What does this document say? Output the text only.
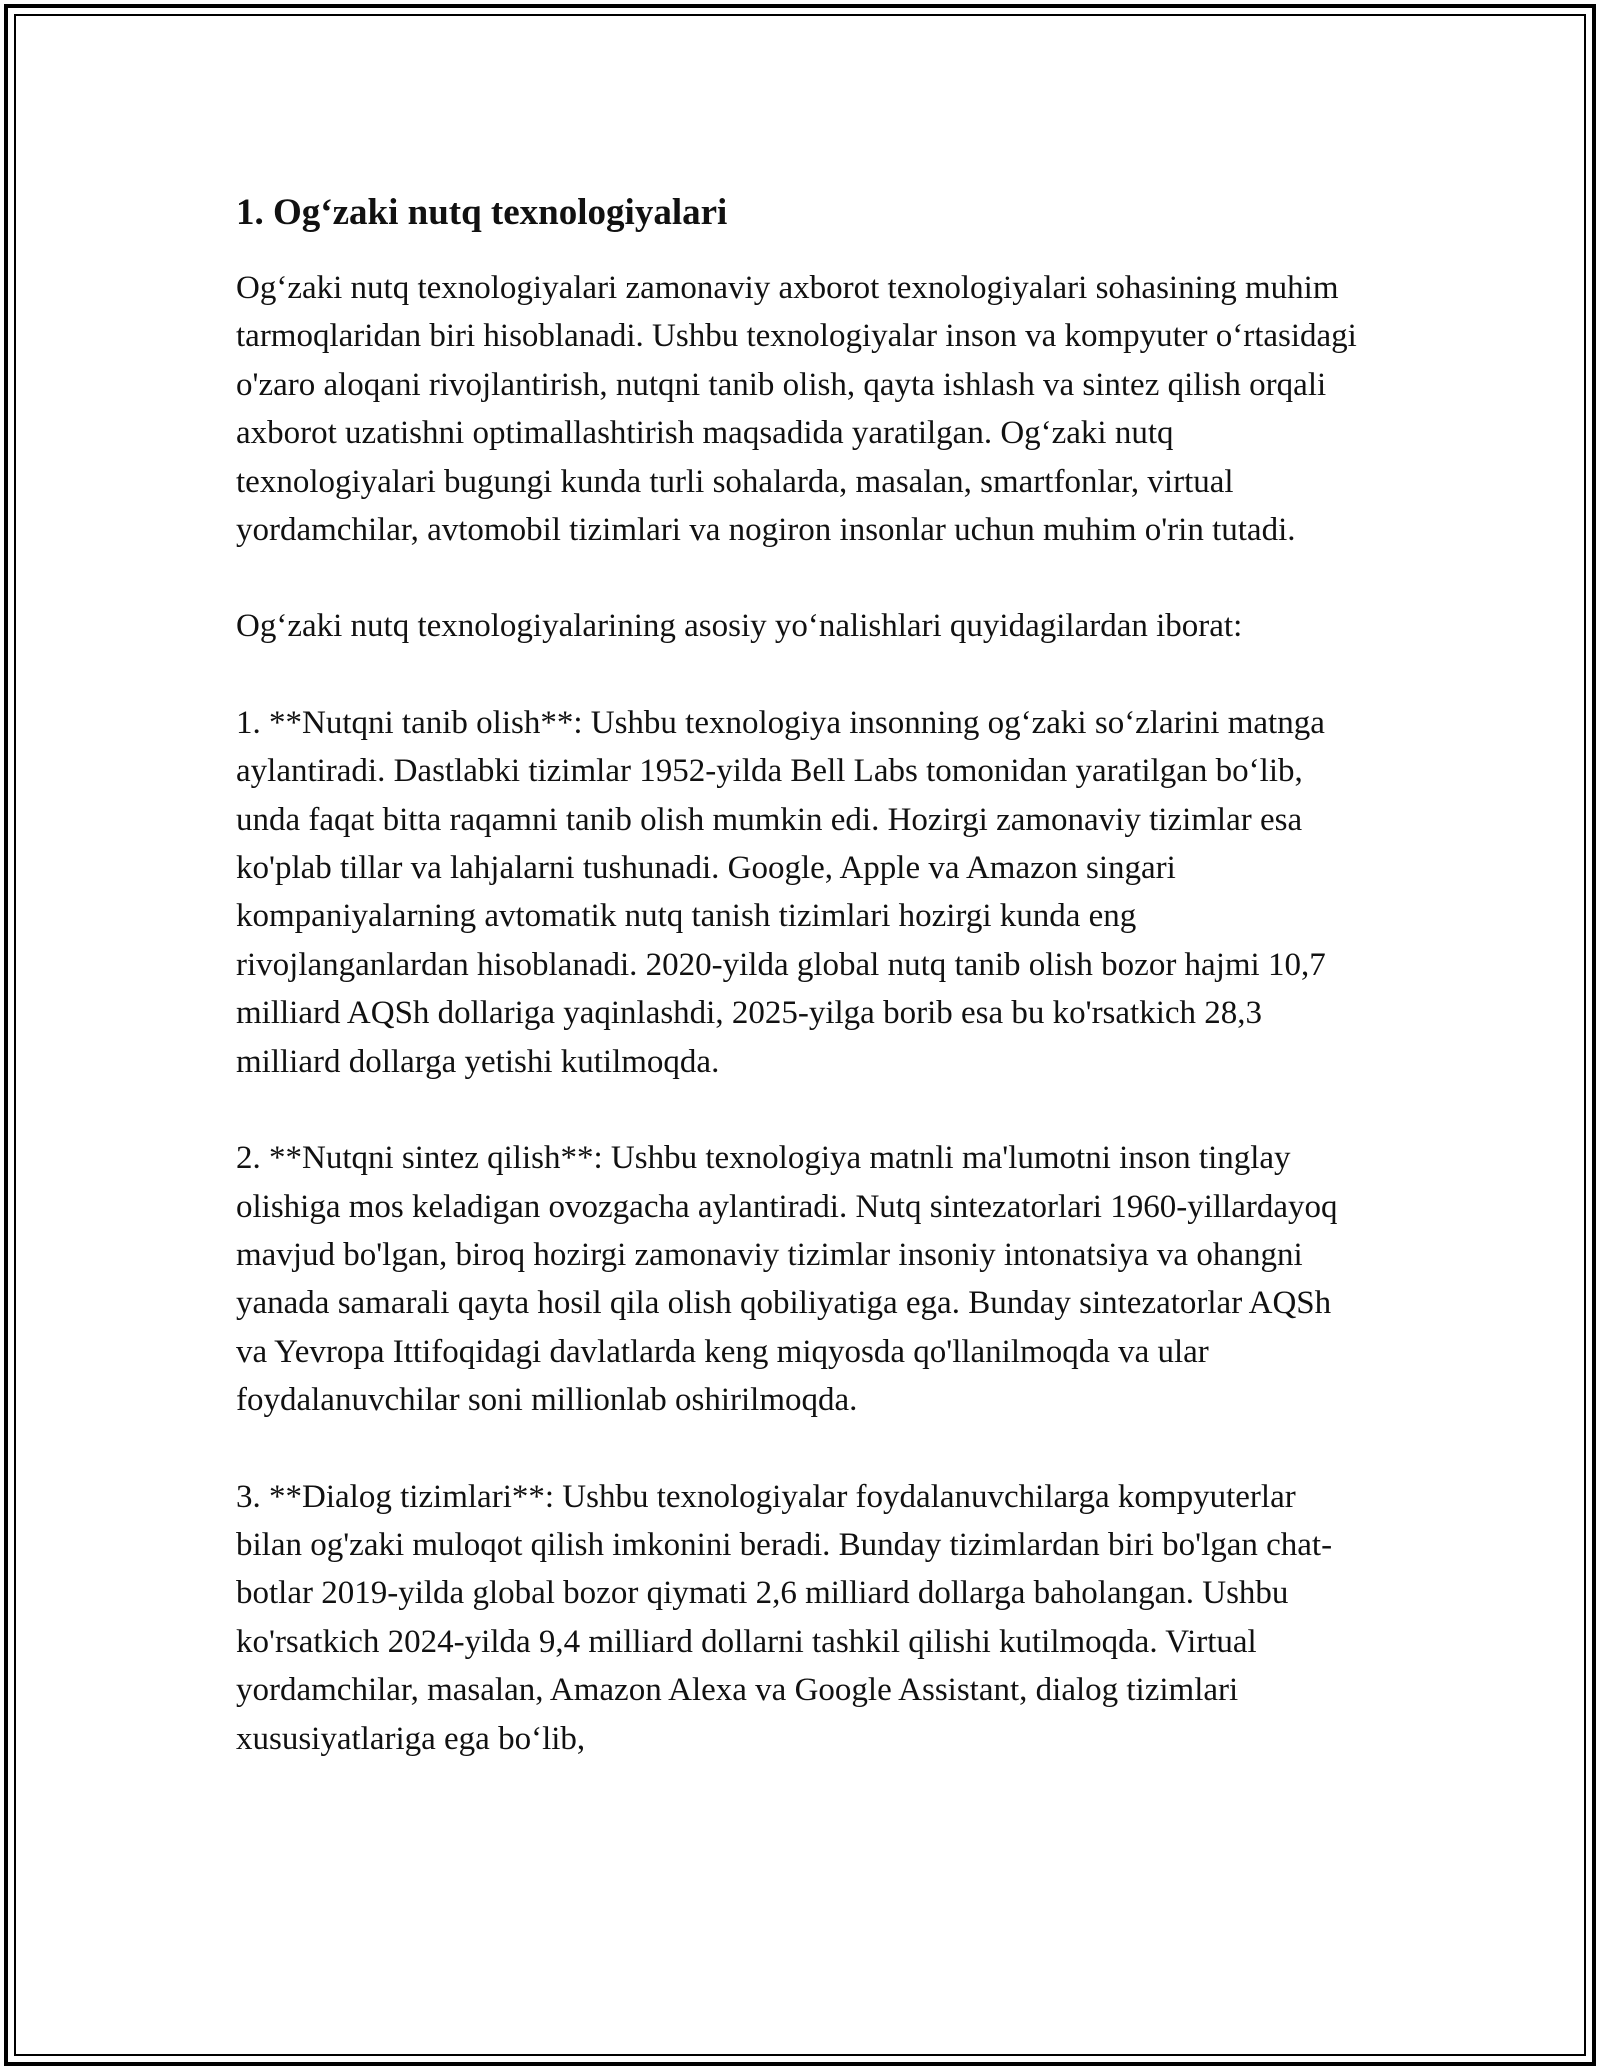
1. Og‘zaki nutq texnologiyalari

Og‘zaki nutq texnologiyalari zamonaviy axborot texnologiyalari sohasining muhim tarmoqlaridan biri hisoblanadi. Ushbu texnologiyalar inson va kompyuter o‘rtasidagi o'zaro aloqani rivojlantirish, nutqni tanib olish, qayta ishlash va sintez qilish orqali axborot uzatishni optimallashtirish maqsadida yaratilgan. Og‘zaki nutq texnologiyalari bugungi kunda turli sohalarda, masalan, smartfonlar, virtual yordamchilar, avtomobil tizimlari va nogiron insonlar uchun muhim o'rin tutadi.

Og‘zaki nutq texnologiyalarining asosiy yo‘nalishlari quyidagilardan iborat:

1. **Nutqni tanib olish**: Ushbu texnologiya insonning og‘zaki so‘zlarini matnga aylantiradi. Dastlabki tizimlar 1952-yilda Bell Labs tomonidan yaratilgan bo‘lib, unda faqat bitta raqamni tanib olish mumkin edi. Hozirgi zamonaviy tizimlar esa ko'plab tillar va lahjalarni tushunadi. Google, Apple va Amazon singari kompaniyalarning avtomatik nutq tanish tizimlari hozirgi kunda eng rivojlanganlardan hisoblanadi. 2020-yilda global nutq tanib olish bozor hajmi 10,7 milliard AQSh dollariga yaqinlashdi, 2025-yilga borib esa bu ko'rsatkich 28,3 milliard dollarga yetishi kutilmoqda.

2. **Nutqni sintez qilish**: Ushbu texnologiya matnli ma'lumotni inson tinglay olishiga mos keladigan ovozgacha aylantiradi. Nutq sintezatorlari 1960-yillardayoq mavjud bo'lgan, biroq hozirgi zamonaviy tizimlar insoniy intonatsiya va ohangni yanada samarali qayta hosil qila olish qobiliyatiga ega. Bunday sintezatorlar AQSh va Yevropa Ittifoqidagi davlatlarda keng miqyosda qo'llanilmoqda va ular foydalanuvchilar soni millionlab oshirilmoqda.

3. **Dialog tizimlari**: Ushbu texnologiyalar foydalanuvchilarga kompyuterlar bilan og'zaki muloqot qilish imkonini beradi. Bunday tizimlardan biri bo'lgan chat-botlar 2019-yilda global bozor qiymati 2,6 milliard dollarga baholangan. Ushbu ko'rsatkich 2024-yilda 9,4 milliard dollarni tashkil qilishi kutilmoqda. Virtual yordamchilar, masalan, Amazon Alexa va Google Assistant, dialog tizimlari xususiyatlariga ega bo‘lib,
